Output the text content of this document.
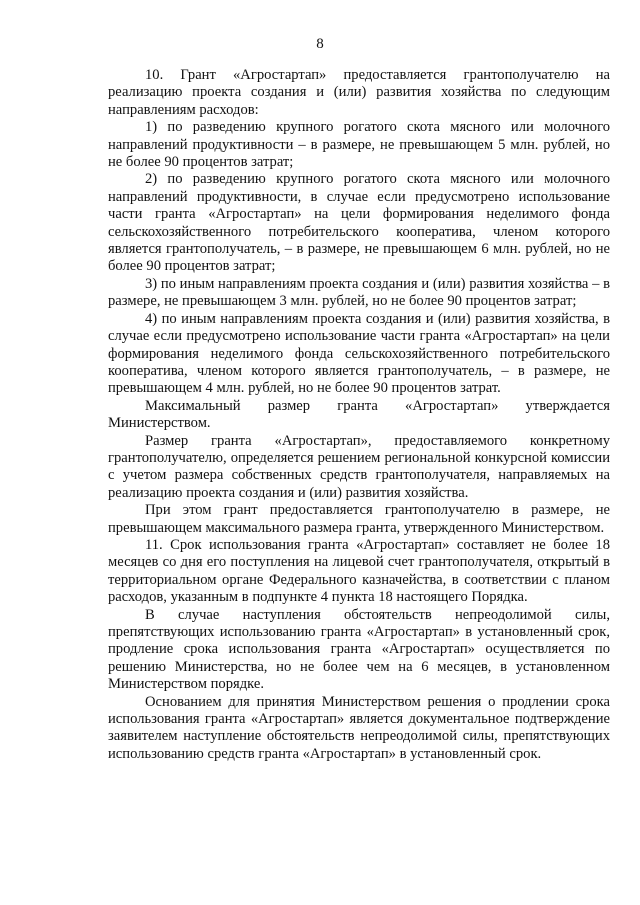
8

10. Грант «Агростартап» предоставляется грантополучателю на реализацию проекта создания и (или) развития хозяйства по следующим направлениям расходов:

1) по разведению крупного рогатого скота мясного или молочного направлений продуктивности – в размере, не превышающем 5 млн. рублей, но не более 90 процентов затрат;

2) по разведению крупного рогатого скота мясного или молочного направлений продуктивности, в случае если предусмотрено использование части гранта «Агростартап» на цели формирования неделимого фонда сельскохозяйственного потребительского кооператива, членом которого является грантополучатель, – в размере, не превышающем 6 млн. рублей, но не более 90 процентов затрат;

3) по иным направлениям проекта создания и (или) развития хозяйства – в размере, не превышающем 3 млн. рублей, но не более 90 процентов затрат;

4) по иным направлениям проекта создания и (или) развития хозяйства, в случае если предусмотрено использование части гранта «Агростартап» на цели формирования неделимого фонда сельскохозяйственного потребительского кооператива, членом которого является грантополучатель, – в размере, не превышающем 4 млн. рублей, но не более 90 процентов затрат.

Максимальный размер гранта «Агростартап» утверждается Министерством.

Размер гранта «Агростартап», предоставляемого конкретному грантополучателю, определяется решением региональной конкурсной комиссии с учетом размера собственных средств грантополучателя, направляемых на реализацию проекта создания и (или) развития хозяйства.

При этом грант предоставляется грантополучателю в размере, не превышающем максимального размера гранта, утвержденного Министерством.

11. Срок использования гранта «Агростартап» составляет не более 18 месяцев со дня его поступления на лицевой счет грантополучателя, открытый в территориальном органе Федерального казначейства, в соответствии с планом расходов, указанным в подпункте 4 пункта 18 настоящего Порядка.

В случае наступления обстоятельств непреодолимой силы, препятствующих использованию гранта «Агростартап» в установленный срок, продление срока использования гранта «Агростартап» осуществляется по решению Министерства, но не более чем на 6 месяцев, в установленном Министерством порядке.

Основанием для принятия Министерством решения о продлении срока использования гранта «Агростартап» является документальное подтверждение заявителем наступление обстоятельств непреодолимой силы, препятствующих использованию средств гранта «Агростартап» в установленный срок.
